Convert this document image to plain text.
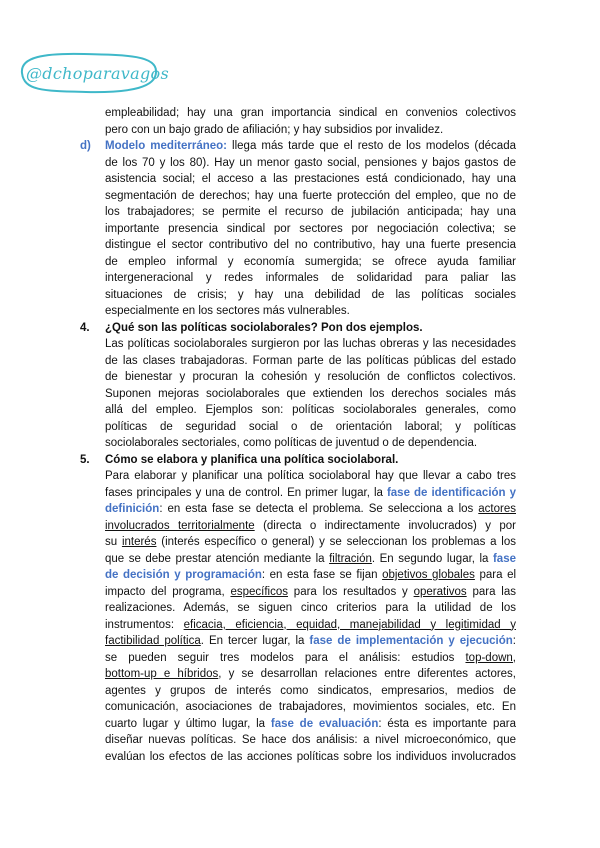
@dchoparavagos
empleabilidad; hay una gran importancia sindical en convenios colectivos
pero con un bajo grado de afiliación; y hay subsidios por invalidez.
d) Modelo mediterráneo: llega más tarde que el resto de los modelos (década
de los 70 y los 80). Hay un menor gasto social, pensiones y bajos gastos de
asistencia social; el acceso a las prestaciones está condicionado, hay una
segmentación de derechos; hay una fuerte protección del empleo, que no de
los trabajadores; se permite el recurso de jubilación anticipada; hay una
importante presencia sindical por sectores por negociación colectiva; se
distingue el sector contributivo del no contributivo, hay una fuerte presencia
de empleo informal y economía sumergida; se ofrece ayuda familiar
intergeneracional y redes informales de solidaridad para paliar las
situaciones de crisis; y hay una debilidad de las políticas sociales
especialmente en los sectores más vulnerables.
4. ¿Qué son las políticas sociolaborales? Pon dos ejemplos.
Las políticas sociolaborales surgieron por las luchas obreras y las necesidades
de las clases trabajadoras. Forman parte de las políticas públicas del estado
de bienestar y procuran la cohesión y resolución de conflictos colectivos.
Suponen mejoras sociolaborales que extienden los derechos sociales más
allá del empleo. Ejemplos son: políticas sociolaborales generales, como
políticas de seguridad social o de orientación laboral; y políticas
sociolaborales sectoriales, como políticas de juventud o de dependencia.
5. Cómo se elabora y planifica una política sociolaboral.
Para elaborar y planificar una política sociolaboral hay que llevar a cabo tres
fases principales y una de control. En primer lugar, la fase de identificación y
definición: en esta fase se detecta el problema. Se selecciona a los actores
involucrados territorialmente (directa o indirectamente involucrados) y por
su interés (interés específico o general) y se seleccionan los problemas a los
que se debe prestar atención mediante la filtración. En segundo lugar, la fase
de decisión y programación: en esta fase se fijan objetivos globales para el
impacto del programa, específicos para los resultados y operativos para las
realizaciones. Además, se siguen cinco criterios para la utilidad de los
instrumentos: eficacia, eficiencia, equidad, manejabilidad y legitimidad y
factibilidad política. En tercer lugar, la fase de implementación y ejecución:
se pueden seguir tres modelos para el análisis: estudios top-down,
bottom-up e híbridos, y se desarrollan relaciones entre diferentes actores,
agentes y grupos de interés como sindicatos, empresarios, medios de
comunicación, asociaciones de trabajadores, movimientos sociales, etc. En
cuarto lugar y último lugar, la fase de evaluación: ésta es importante para
diseñar nuevas políticas. Se hace dos análisis: a nivel microeconómico, que
evalúan los efectos de las acciones políticas sobre los individuos involucrados
